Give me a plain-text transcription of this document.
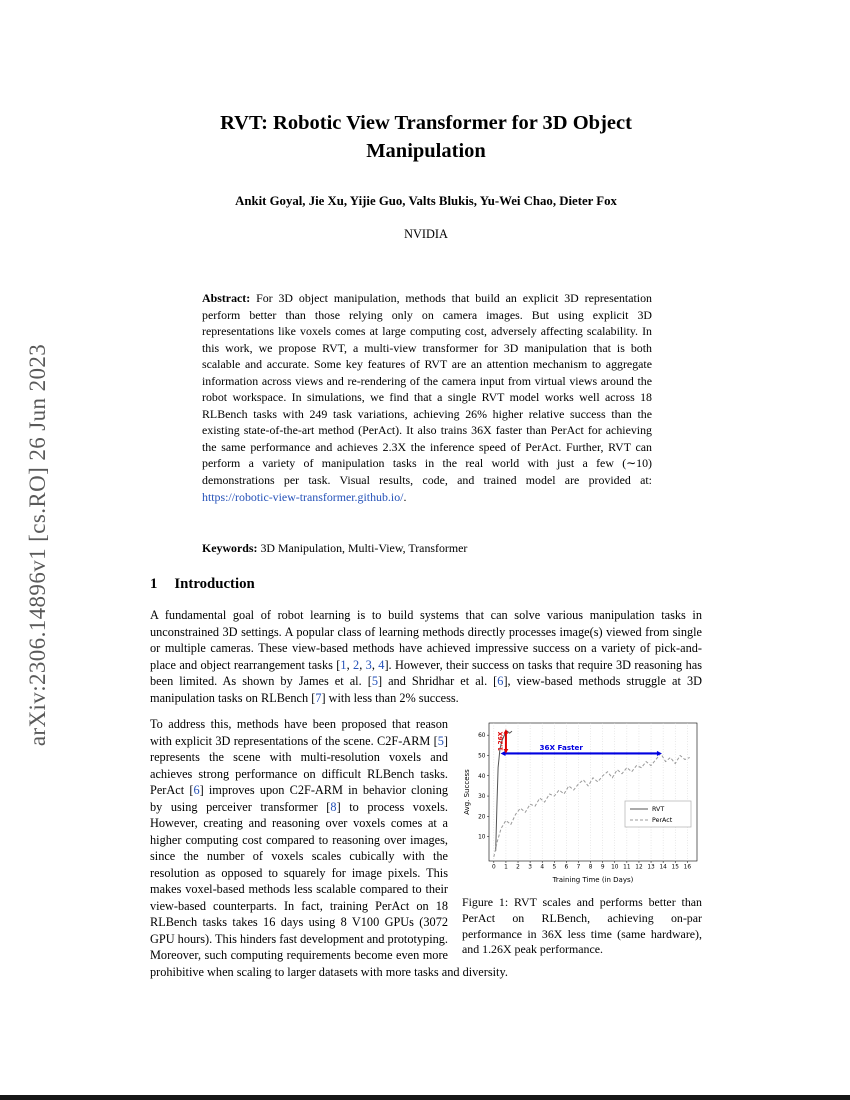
arXiv:2306.14896v1 [cs.RO] 26 Jun 2023
RVT: Robotic View Transformer for 3D Object Manipulation
Ankit Goyal, Jie Xu, Yijie Guo, Valts Blukis, Yu-Wei Chao, Dieter Fox
NVIDIA
Abstract: For 3D object manipulation, methods that build an explicit 3D representation perform better than those relying only on camera images. But using explicit 3D representations like voxels comes at large computing cost, adversely affecting scalability. In this work, we propose RVT, a multi-view transformer for 3D manipulation that is both scalable and accurate. Some key features of RVT are an attention mechanism to aggregate information across views and re-rendering of the camera input from virtual views around the robot workspace. In simulations, we find that a single RVT model works well across 18 RLBench tasks with 249 task variations, achieving 26% higher relative success than the existing state-of-the-art method (PerAct). It also trains 36X faster than PerAct for achieving the same performance and achieves 2.3X the inference speed of PerAct. Further, RVT can perform a variety of manipulation tasks in the real world with just a few (∼10) demonstrations per task. Visual results, code, and trained model are provided at: https://robotic-view-transformer.github.io/.
Keywords: 3D Manipulation, Multi-View, Transformer
1 Introduction
A fundamental goal of robot learning is to build systems that can solve various manipulation tasks in unconstrained 3D settings. A popular class of learning methods directly processes image(s) viewed from single or multiple cameras. These view-based methods have achieved impressive success on a variety of pick-and-place and object rearrangement tasks [1, 2, 3, 4]. However, their success on tasks that require 3D reasoning has been limited. As shown by James et al. [5] and Shridhar et al. [6], view-based methods struggle at 3D manipulation tasks on RLBench [7] with less than 2% success.
0 1 2 3 4 5 6 7 8 9 10 11 12 13 14 15 16
10
20
30
40
50
60
Training Time (in Days)
Avg. Success
36X Faster
1.26X
RVT
PerAct
Figure 1: RVT scales and performs better than PerAct on RLBench, achieving on-par performance in 36X less time (same hardware), and 1.26X peak performance.
To address this, methods have been proposed that reason with explicit 3D representations of the scene. C2F-ARM [5] represents the scene with multi-resolution voxels and achieves strong performance on difficult RLBench tasks. PerAct [6] improves upon C2F-ARM in behavior cloning by using perceiver transformer [8] to process voxels. However, creating and reasoning over voxels comes at a higher computing cost compared to reasoning over images, since the number of voxels scales cubically with the resolution as opposed to squarely for image pixels. This makes voxel-based methods less scalable compared to their view-based counterparts. In fact, training PerAct on 18 RLBench tasks takes 16 days using 8 V100 GPUs (3072 GPU hours). This hinders fast development and prototyping. Moreover, such computing requirements become even more prohibitive when scaling to larger datasets with more tasks and diversity.
